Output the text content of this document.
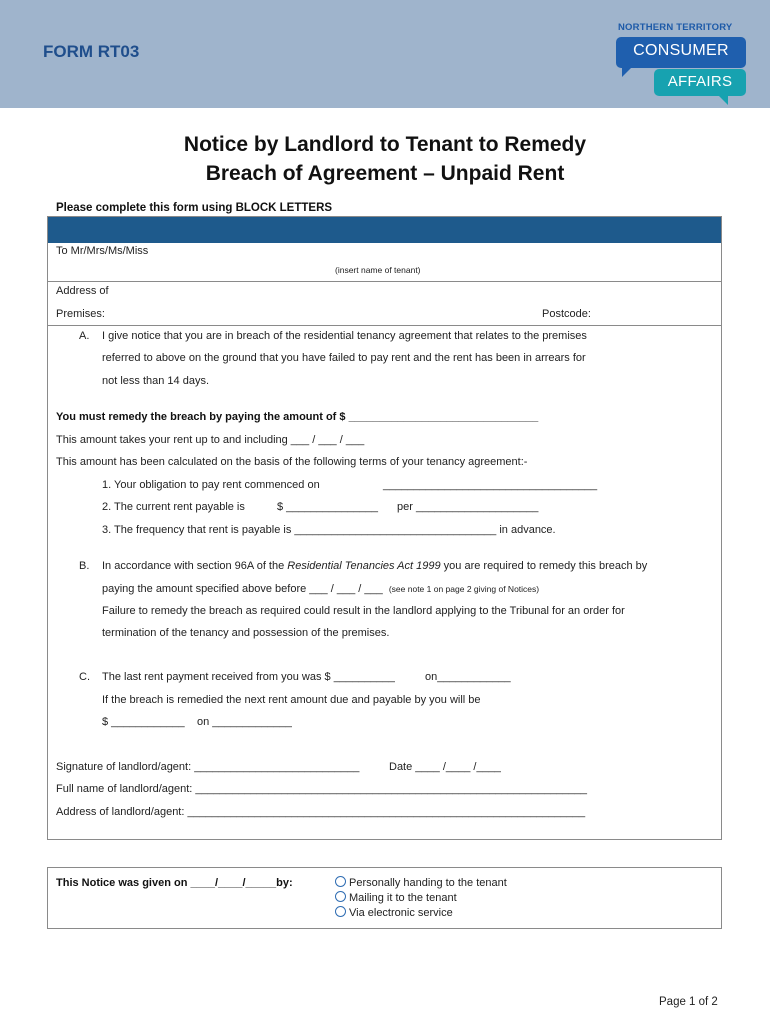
FORM RT03
NORTHERN TERRITORY
CONSUMER
AFFAIRS
Notice by Landlord to Tenant to Remedy
Breach of Agreement – Unpaid Rent
Please complete this form using BLOCK LETTERS
To Mr/Mrs/Ms/Miss
(insert name of tenant)
Address of
Premises:	Postcode:
A. I give notice that you are in breach of the residential tenancy agreement that relates to the premises
referred to above on the ground that you have failed to pay rent and the rent has been in arrears for
not less than 14 days.
You must remedy the breach by paying the amount of $ _______________________________
This amount takes your rent up to and including ___ / ___ / ___
This amount has been calculated on the basis of the following terms of your tenancy agreement:-
1. Your obligation to pay rent commenced on	___________________________________
2. The current rent payable is	$ _______________ per ____________________
3. The frequency that rent is payable is _________________________________ in advance.
B. In accordance with section 96A of the Residential Tenancies Act 1999 you are required to remedy this breach by
paying the amount specified above before ___ / ___ / ___ (see note 1 on page 2 giving of Notices)
Failure to remedy the breach as required could result in the landlord applying to the Tribunal for an order for
termination of the tenancy and possession of the premises.
C. The last rent payment received from you was $ __________	on____________
If the breach is remedied the next rent amount due and payable by you will be
$ ____________ on _____________
Signature of landlord/agent: ___________________________	Date ____ /____ /____
Full name of landlord/agent: ________________________________________________________________
Address of landlord/agent: _________________________________________________________________
This Notice was given on ____/____/_____by:	Personally handing to the tenant
Mailing it to the tenant
Via electronic service
Page 1 of 2
